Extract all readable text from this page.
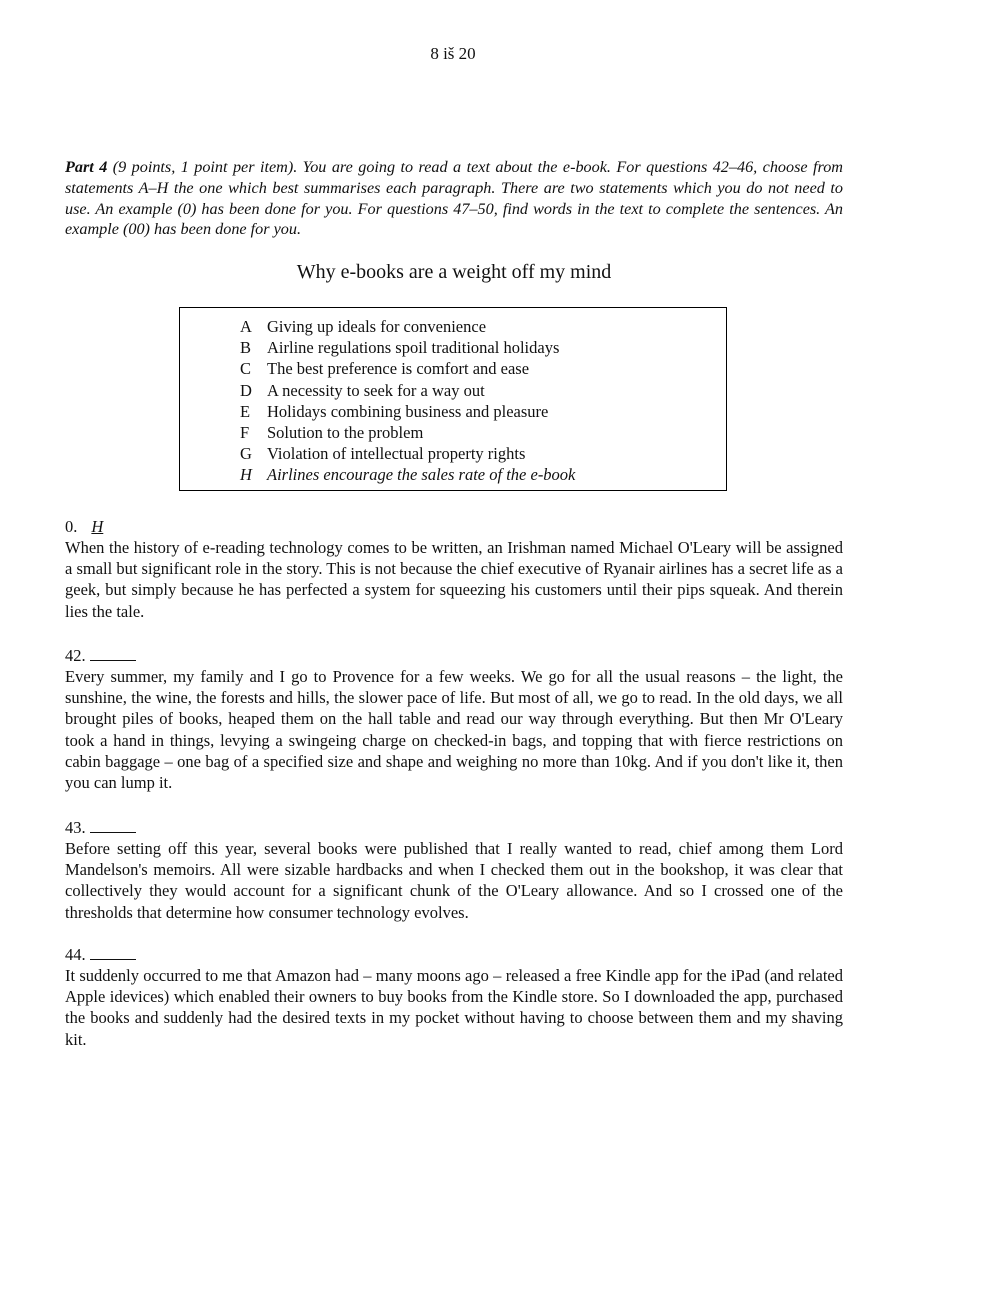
8 iš 20
Part 4 (9 points, 1 point per item). You are going to read a text about the e-book. For questions 42–46, choose from statements A–H the one which best summarises each paragraph. There are two statements which you do not need to use. An example (0) has been done for you. For questions 47–50, find words in the text to complete the sentences. An example (00) has been done for you.
Why e-books are a weight off my mind
A Giving up ideals for convenience
B Airline regulations spoil traditional holidays
C The best preference is comfort and ease
D A necessity to seek for a way out
E	Holidays combining business and pleasure
F	Solution to the problem
G Violation of intellectual property rights
H Airlines encourage the sales rate of the e-book
0. H

When the history of e-reading technology comes to be written, an Irishman named Michael O'Leary will be assigned a small but significant role in the story. This is not because the chief executive of Ryanair airlines has a secret life as a geek, but simply because he has perfected a system for squeezing his customers until their pips squeak. And therein lies the tale.

42.

Every summer, my family and I go to Provence for a few weeks. We go for all the usual reasons – the light, the sunshine, the wine, the forests and hills, the slower pace of life. But most of all, we go to read. In the old days, we all brought piles of books, heaped them on the hall table and read our way through everything. But then Mr O'Leary took a hand in things, levying a swingeing charge on checked-in bags, and topping that with fierce restrictions on cabin baggage – one bag of a specified size and shape and weighing no more than 10kg. And if you don't like it, then you can lump it.

43.

Before setting off this year, several books were published that I really wanted to read, chief among them Lord Mandelson's memoirs. All were sizable hardbacks and when I checked them out in the bookshop, it was clear that collectively they would account for a significant chunk of the O'Leary allowance. And so I crossed one of the thresholds that determine how consumer technology evolves.

44.

It suddenly occurred to me that Amazon had – many moons ago – released a free Kindle app for the iPad (and related Apple idevices) which enabled their owners to buy books from the Kindle store. So I downloaded the app, purchased the books and suddenly had the desired texts in my pocket without having to choose between them and my shaving kit.
